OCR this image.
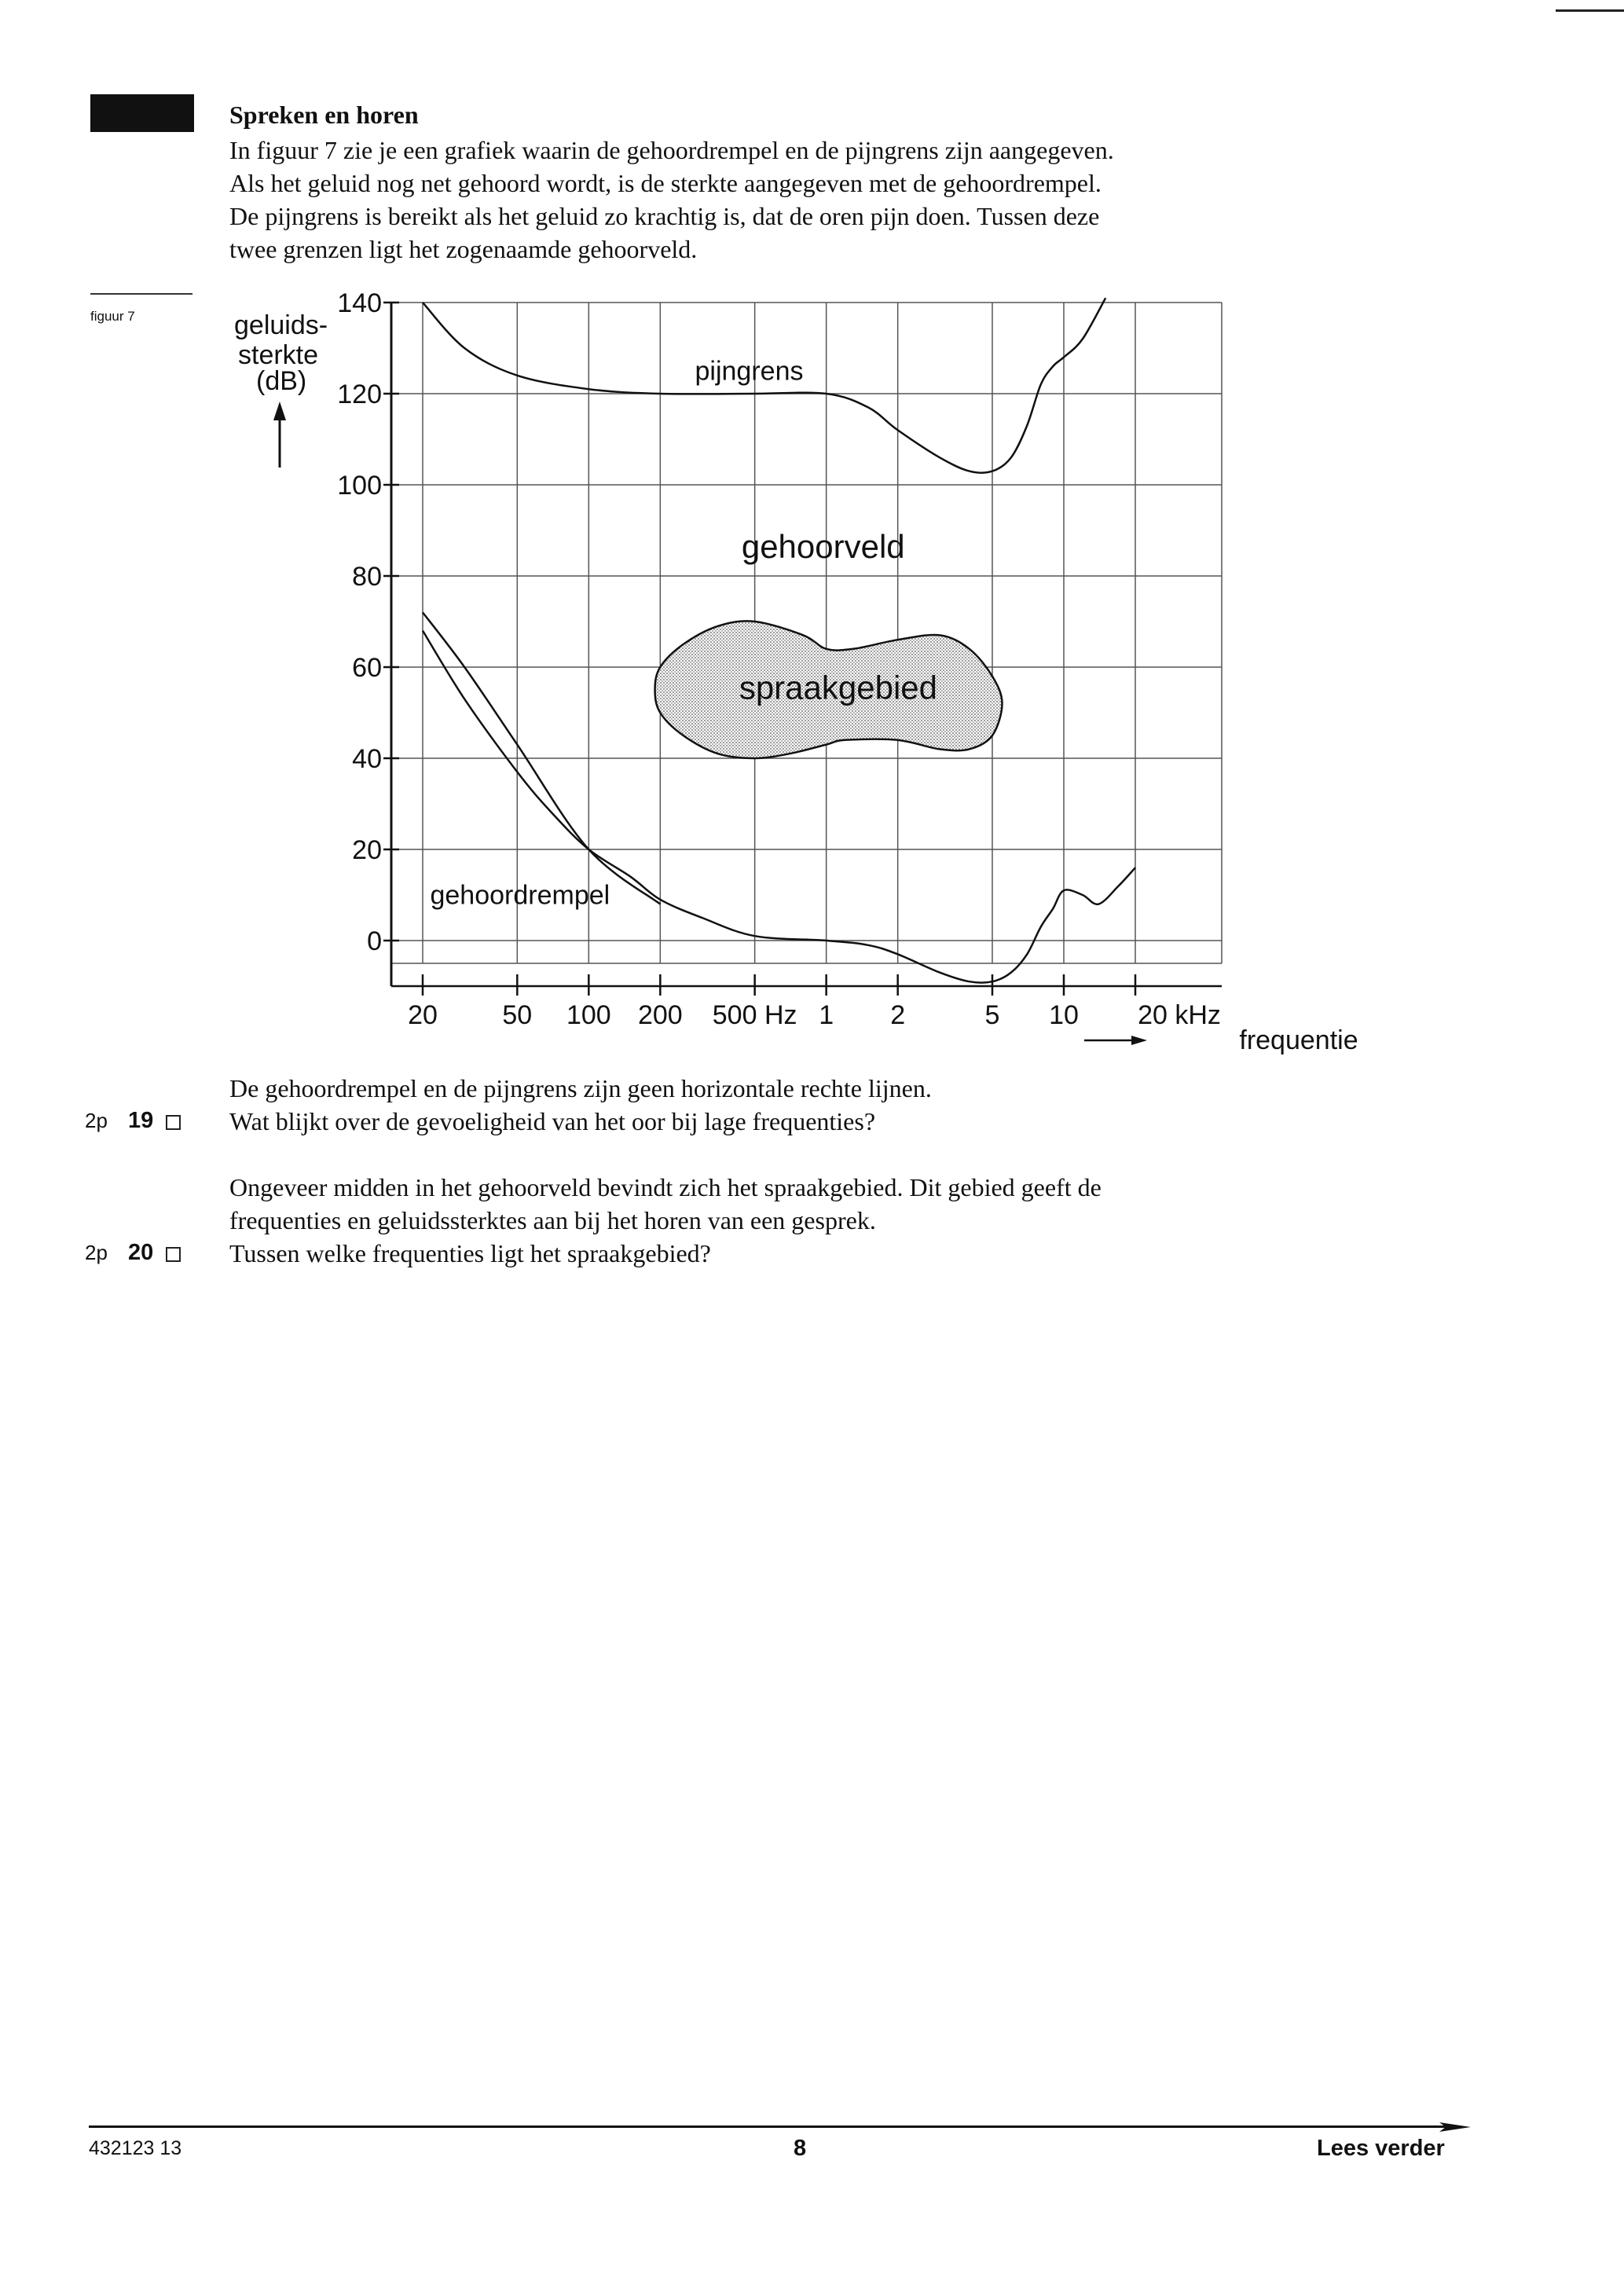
Spreken en horen

In figuur 7 zie je een grafiek waarin de gehoordrempel en de pijngrens zijn aangegeven.

Als het geluid nog net gehoord wordt, is de sterkte aangegeven met de gehoordrempel.

De pijngrens is bereikt als het geluid zo krachtig is, dat de oren pijn doen. Tussen deze

twee grenzen ligt het zogenaamde gehoorveld.

figuur 7
0
20
40
60
80
100
120
140
20 50 100 200 500 Hz 1 2	5 10 20 kHz
geluids-
sterkte
(dB)
frequentie
pijngrens
gehoorveld
spraakgebied
gehoordrempel

De gehoordrempel en de pijngrens zijn geen horizontale rechte lijnen.

Wat blijkt over de gevoeligheid van het oor bij lage frequenties?

Ongeveer midden in het gehoorveld bevindt zich het spraakgebied. Dit gebied geeft de

frequenties en geluidssterktes aan bij het horen van een gesprek.

Tussen welke frequenties ligt het spraakgebied?

2p 19
2p 20
432123 13	8	Lees verder
